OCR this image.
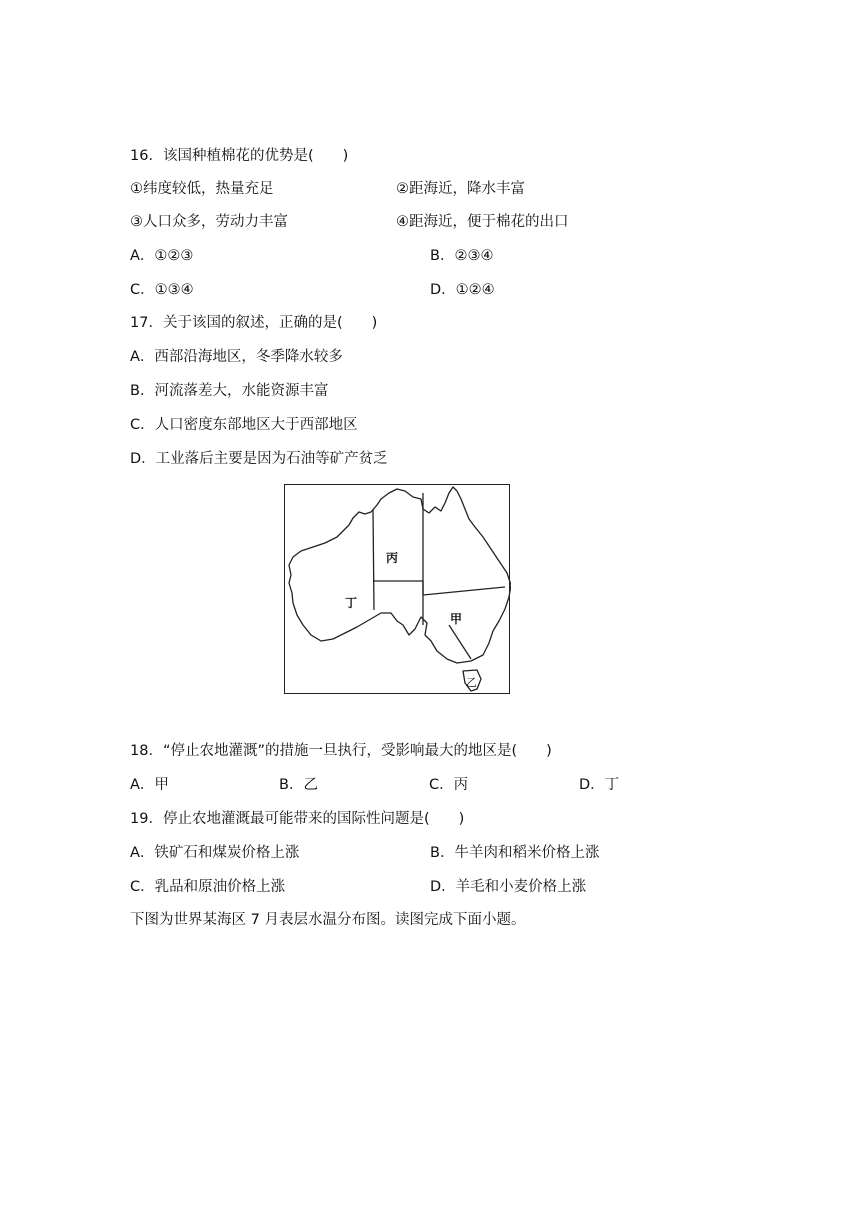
16．该国种植棉花的优势是(　　)
①纬度较低，热量充足	②距海近，降水丰富
③人口众多，劳动力丰富	④距海近，便于棉花的出口
A．①②③	B．②③④
C．①③④	D．①②④
17．关于该国的叙述，正确的是(　　)
A．西部沿海地区，冬季降水较多
B．河流落差大，水能资源丰富
C．人口密度东部地区大于西部地区
D．工业落后主要是因为石油等矿产贫乏
丙
丁
甲
乙
18．“停止农地灌溉”的措施一旦执行，受影响最大的地区是(　　)
A．甲	B．乙	C．丙	D．丁
19．停止农地灌溉最可能带来的国际性问题是(　　)
A．铁矿石和煤炭价格上涨	B．牛羊肉和稻米价格上涨
C．乳品和原油价格上涨	D．羊毛和小麦价格上涨
下图为世界某海区 7 月表层水温分布图。读图完成下面小题。
